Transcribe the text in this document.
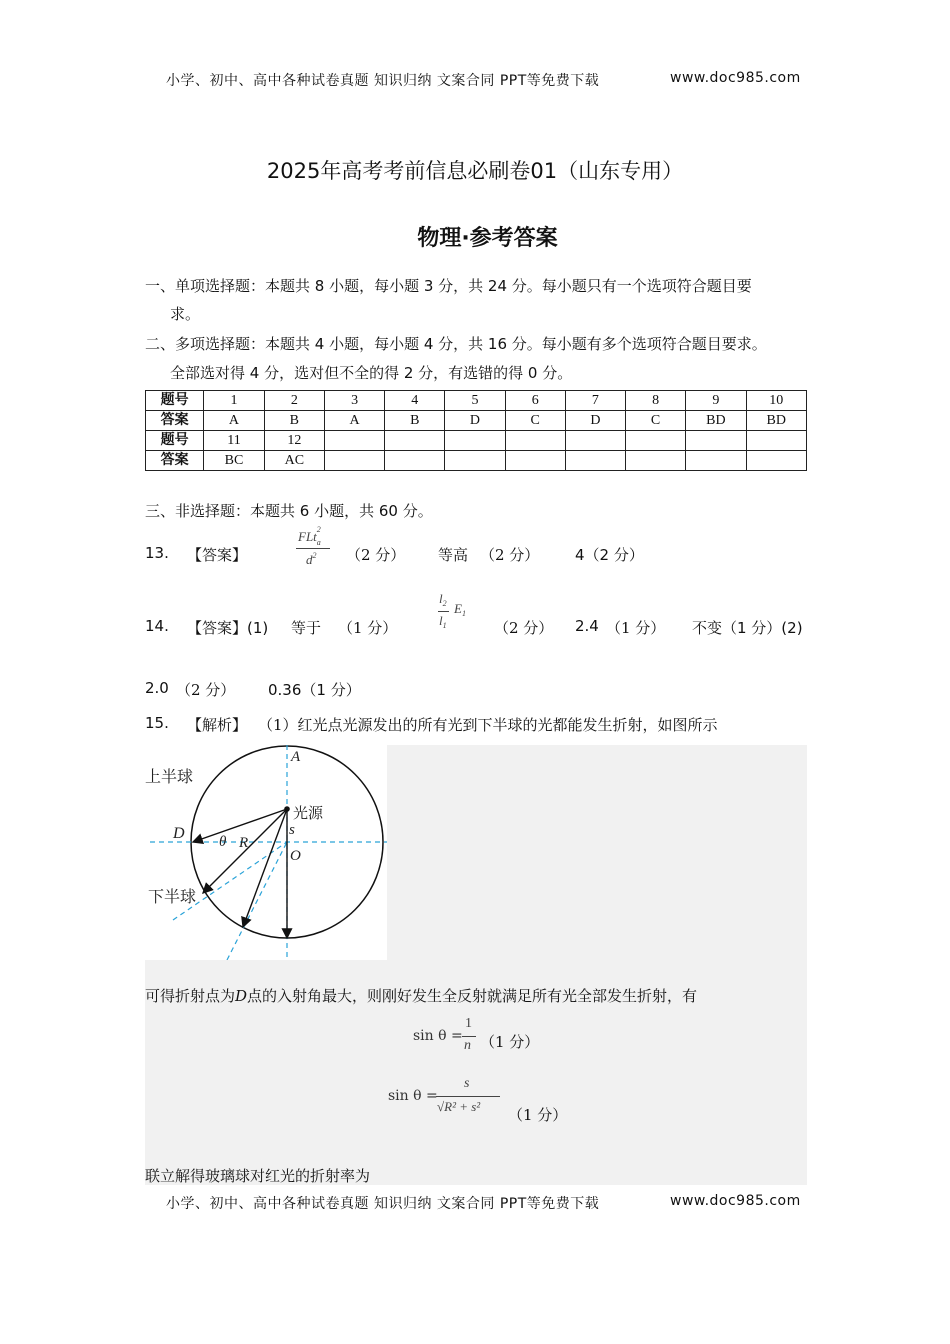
小学、初中、高中各种试卷真题 知识归纳 文案合同 PPT等免费下载	www.doc985.com
2025年高考考前信息必刷卷01（山东专用）
物理·参考答案
一、单项选择题：本题共 8 小题，每小题 3 分，共 24 分。每小题只有一个选项符合题目要
求。
二、多项选择题：本题共 4 小题，每小题 4 分，共 16 分。每小题有多个选项符合题目要求。
全部选对得 4 分，选对但不全的得 2 分，有选错的得 0 分。
题号	1	2	3	4	5	6	7	8	9	10
答案	A	B	A	B	D	C	D	C	BD	BD
题号	11	12								
答案	BC	AC								
三、非选择题：本题共 6 小题，共 60 分。
13. 【答案】
FLt 2
a
$d^2$ （2 分） 等高 （2 分） 4（2 分）
14. 【答案】(1) 等于 （1 分）
$l_2$ $E_1$
$l_1$	（2 分） 2.4 （1 分） 不变（1 分）(2)
2.0 （2 分） 0.36（1 分）
15. 【解析】 （1）红光点光源发出的所有光到下半球的光都能发生折射，如图所示
上半球
下半球
A
D θ R
光源
s
O
可得折射点为D点的入射角最大，则刚好发生全反射就满足所有光全部发生折射，有
sin θ =
1
n （1 分）
sin θ =
s
√R² + s² （1 分）
联立解得玻璃球对红光的折射率为
小学、初中、高中各种试卷真题 知识归纳 文案合同 PPT等免费下载	www.doc985.com
